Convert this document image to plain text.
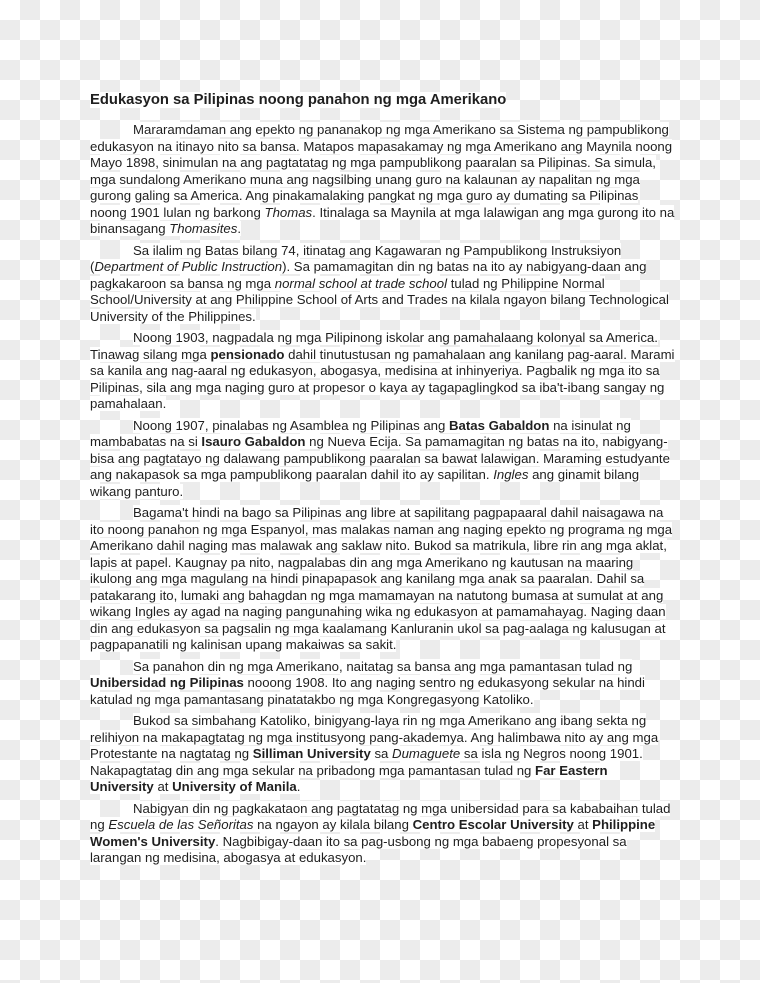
Edukasyon sa Pilipinas noong panahon ng mga Amerikano

Mararamdaman ang epekto ng pananakop ng mga Amerikano sa Sistema ng pampublikong edukasyon na itinayo nito sa bansa. Matapos mapasakamay ng mga Amerikano ang Maynila noong Mayo 1898, sinimulan na ang pagtatatag ng mga pampublikong paaralan sa Pilipinas. Sa simula, mga sundalong Amerikano muna ang nagsilbing unang guro na kalaunan ay napalitan ng mga gurong galing sa America. Ang pinakamalaking pangkat ng mga guro ay dumating sa Pilipinas noong 1901 lulan ng barkong Thomas. Itinalaga sa Maynila at mga lalawigan ang mga gurong ito na binansagang Thomasites.

Sa ilalim ng Batas bilang 74, itinatag ang Kagawaran ng Pampublikong Instruksiyon (Department of Public Instruction). Sa pamamagitan din ng batas na ito ay nabigyang-daan ang pagkakaroon sa bansa ng mga normal school at trade school tulad ng Philippine Normal School/University at ang Philippine School of Arts and Trades na kilala ngayon bilang Technological University of the Philippines.

Noong 1903, nagpadala ng mga Pilipinong iskolar ang pamahalaang kolonyal sa America. Tinawag silang mga pensionado dahil tinutustusan ng pamahalaan ang kanilang pag-aaral. Marami sa kanila ang nag-aaral ng edukasyon, abogasya, medisina at inhinyeriya. Pagbalik ng mga ito sa Pilipinas, sila ang mga naging guro at propesor o kaya ay tagapaglingkod sa iba't-ibang sangay ng pamahalaan.

Noong 1907, pinalabas ng Asamblea ng Pilipinas ang Batas Gabaldon na isinulat ng mambabatas na si Isauro Gabaldon ng Nueva Ecija. Sa pamamagitan ng batas na ito, nabigyang-bisa ang pagtatayo ng dalawang pampublikong paaralan sa bawat lalawigan. Maraming estudyante ang nakapasok sa mga pampublikong paaralan dahil ito ay sapilitan. Ingles ang ginamit bilang wikang panturo.

Bagama't hindi na bago sa Pilipinas ang libre at sapilitang pagpapaaral dahil naisagawa na ito noong panahon ng mga Espanyol, mas malakas naman ang naging epekto ng programa ng mga Amerikano dahil naging mas malawak ang saklaw nito. Bukod sa matrikula, libre rin ang mga aklat, lapis at papel. Kaugnay pa nito, nagpalabas din ang mga Amerikano ng kautusan na maaring ikulong ang mga magulang na hindi pinapapasok ang kanilang mga anak sa paaralan. Dahil sa patakarang ito, lumaki ang bahagdan ng mga mamamayan na natutong bumasa at sumulat at ang wikang Ingles ay agad na naging pangunahing wika ng edukasyon at pamamahayag. Naging daan din ang edukasyon sa pagsalin ng mga kaalamang Kanluranin ukol sa pag-aalaga ng kalusugan at pagpapanatili ng kalinisan upang makaiwas sa sakit.

Sa panahon din ng mga Amerikano, naitatag sa bansa ang mga pamantasan tulad ng Unibersidad ng Pilipinas nooong 1908. Ito ang naging sentro ng edukasyong sekular na hindi katulad ng mga pamantasang pinatatakbo ng mga Kongregasyong Katoliko.

Bukod sa simbahang Katoliko, binigyang-laya rin ng mga Amerikano ang ibang sekta ng relihiyon na makapagtatag ng mga institusyong pang-akademya. Ang halimbawa nito ay ang mga Protestante na nagtatag ng Silliman University sa Dumaguete sa isla ng Negros noong 1901. Nakapagtatag din ang mga sekular na pribadong mga pamantasan tulad ng Far Eastern University at University of Manila.

Nabigyan din ng pagkakataon ang pagtatatag ng mga unibersidad para sa kababaihan tulad ng Escuela de las Señoritas na ngayon ay kilala bilang Centro Escolar University at Philippine Women's University. Nagbibigay-daan ito sa pag-usbong ng mga babaeng propesyonal sa larangan ng medisina, abogasya at edukasyon.
